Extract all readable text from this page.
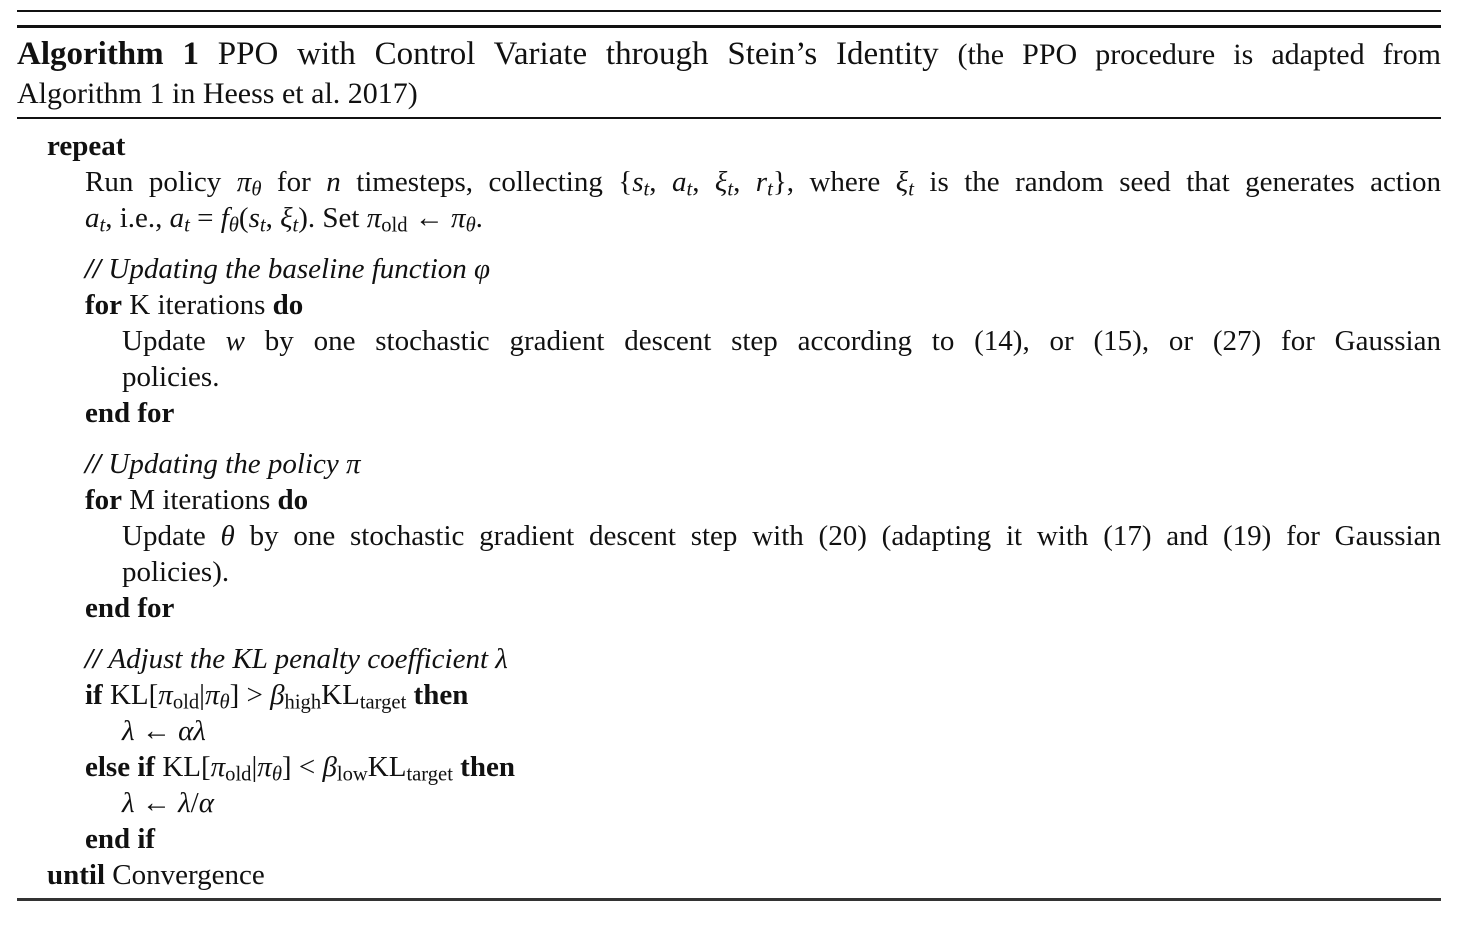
Algorithm 1 PPO with Control Variate through Stein’s Identity (the PPO procedure is adapted from
Algorithm 1 in Heess et al. 2017)
repeat
Run policy πθ for n timesteps, collecting {st, at, ξt, rt}, where ξt is the random seed that generates action
at, i.e., at = fθ(st, ξt). Set πold ← πθ.
// Updating the baseline function φ
for K iterations do
Update w by one stochastic gradient descent step according to (14), or (15), or (27) for Gaussian
policies.
end for
// Updating the policy π
for M iterations do
Update θ by one stochastic gradient descent step with (20) (adapting it with (17) and (19) for Gaussian
policies).
end for
// Adjust the KL penalty coefficient λ
if KL[πold|πθ] > βhighKLtarget then
λ ← αλ
else if KL[πold|πθ] < βlowKLtarget then
λ ← λ/α
end if
until Convergence
